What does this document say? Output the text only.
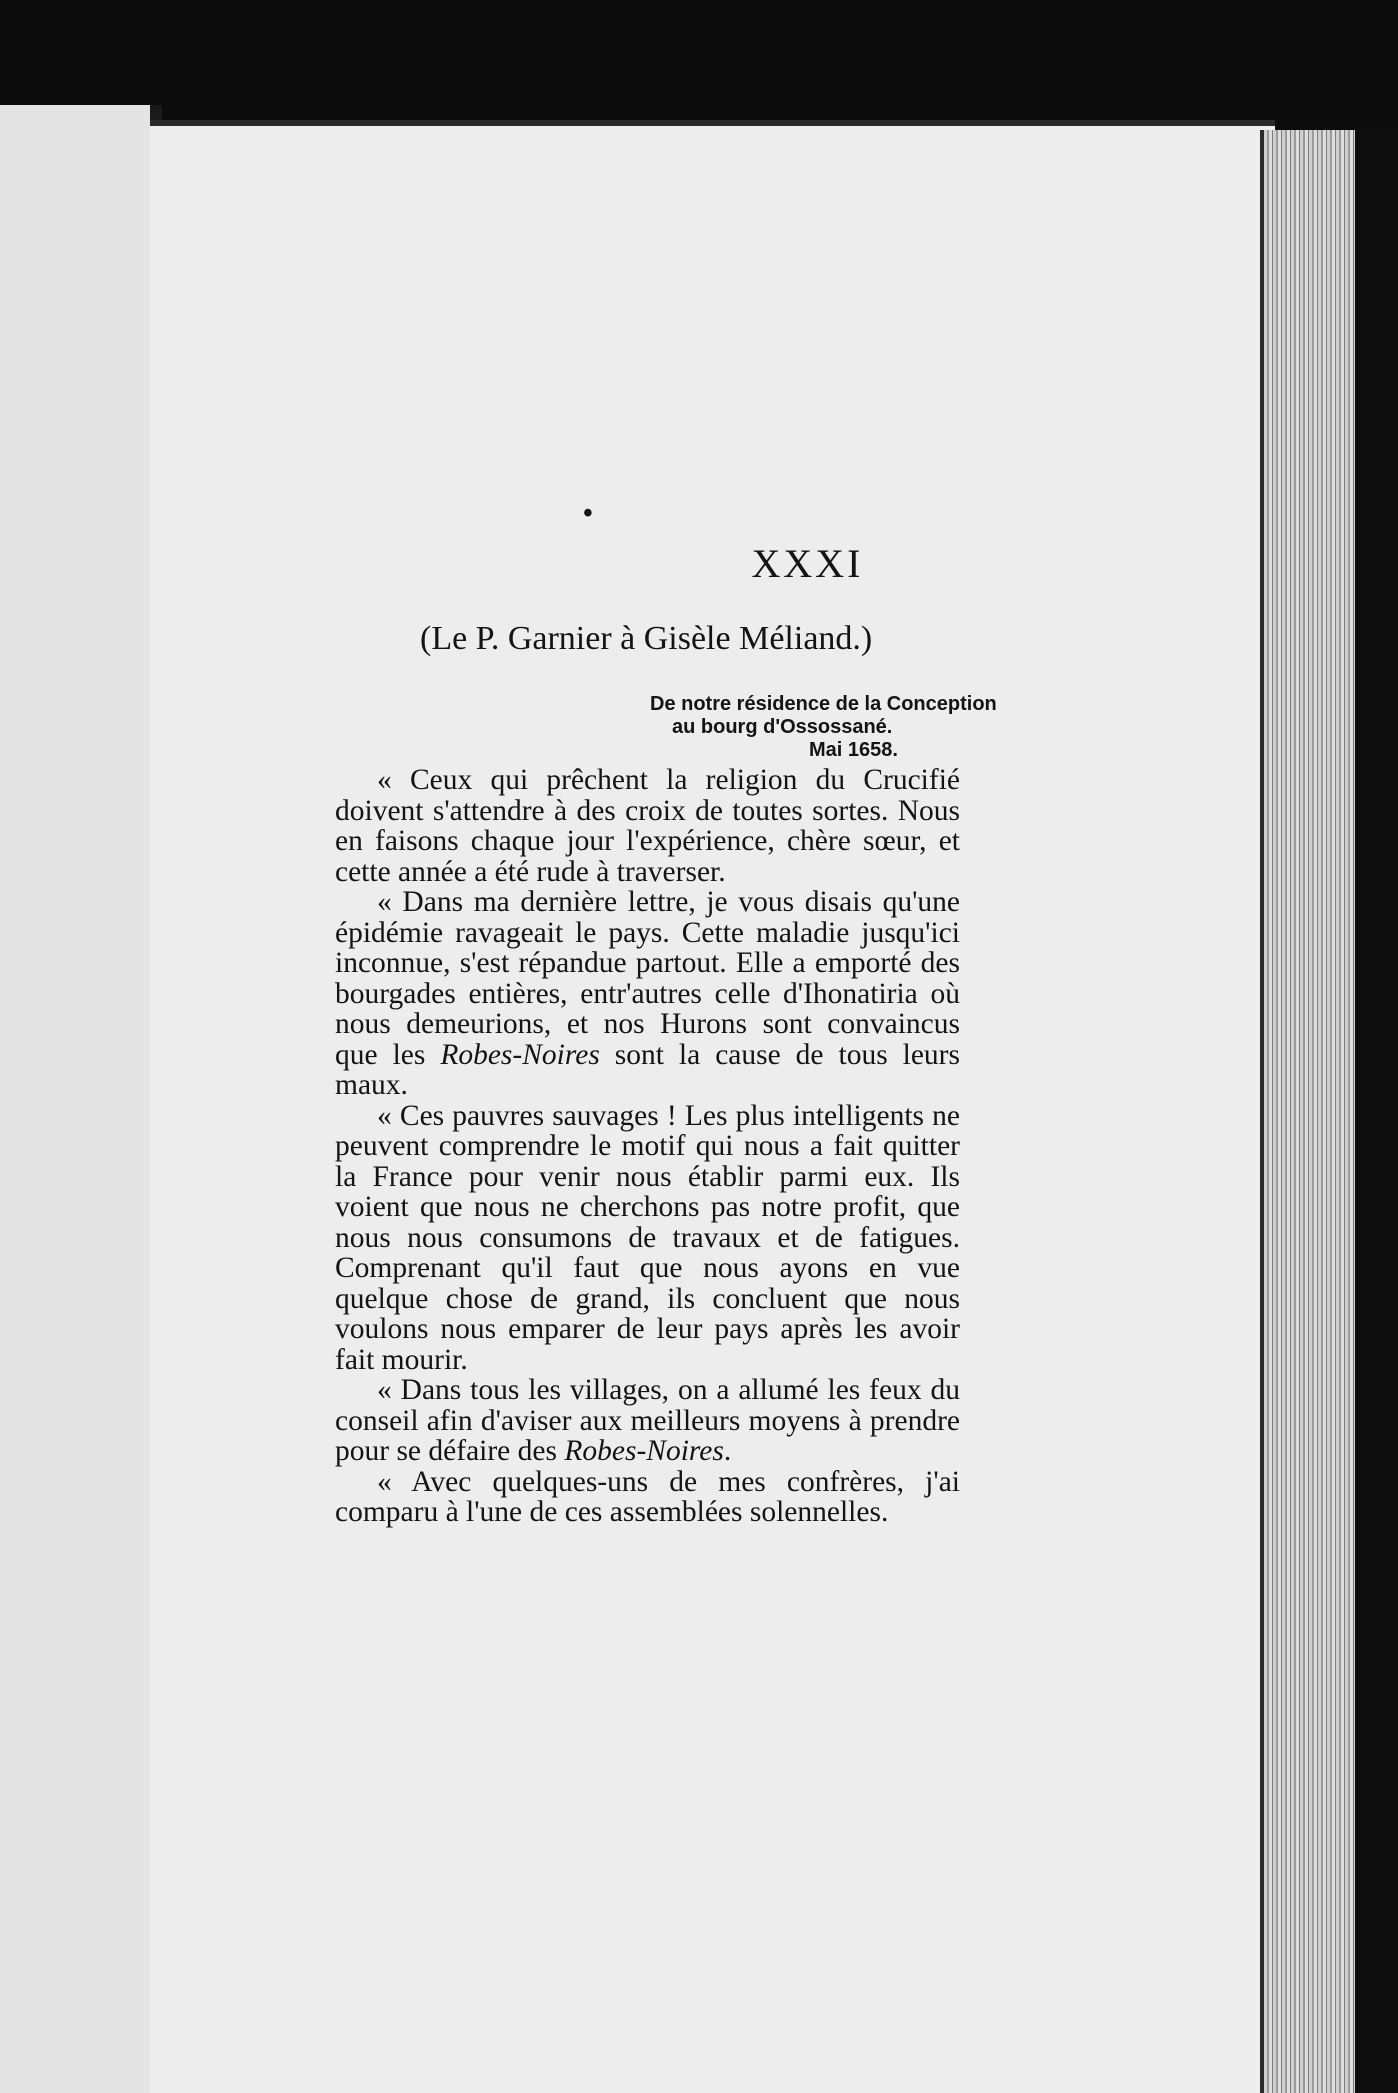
•
XXXI
(Le P. Garnier à Gisèle Méliand.)
De notre résidence de la Conception
au bourg d'Ossossané.
Mai 1658.

« Ceux qui prêchent la religion du Crucifié doivent s'attendre à des croix de toutes sortes. Nous en faisons chaque jour l'expérience, chère sœur, et cette année a été rude à traverser.

« Dans ma dernière lettre, je vous disais qu'une épidémie ravageait le pays. Cette maladie jusqu'ici inconnue, s'est répandue partout. Elle a emporté des bourgades entières, entr'autres celle d'Ihonatiria où nous demeurions, et nos Hurons sont convaincus que les Robes-Noires sont la cause de tous leurs maux.

« Ces pauvres sauvages ! Les plus intelligents ne peuvent comprendre le motif qui nous a fait quitter la France pour venir nous établir parmi eux. Ils voient que nous ne cherchons pas notre profit, que nous nous consumons de travaux et de fatigues. Comprenant qu'il faut que nous ayons en vue quelque chose de grand, ils concluent que nous voulons nous emparer de leur pays après les avoir fait mourir.

« Dans tous les villages, on a allumé les feux du conseil afin d'aviser aux meilleurs moyens à prendre pour se défaire des Robes-Noires.

« Avec quelques-uns de mes confrères, j'ai comparu à l'une de ces assemblées solennelles.
